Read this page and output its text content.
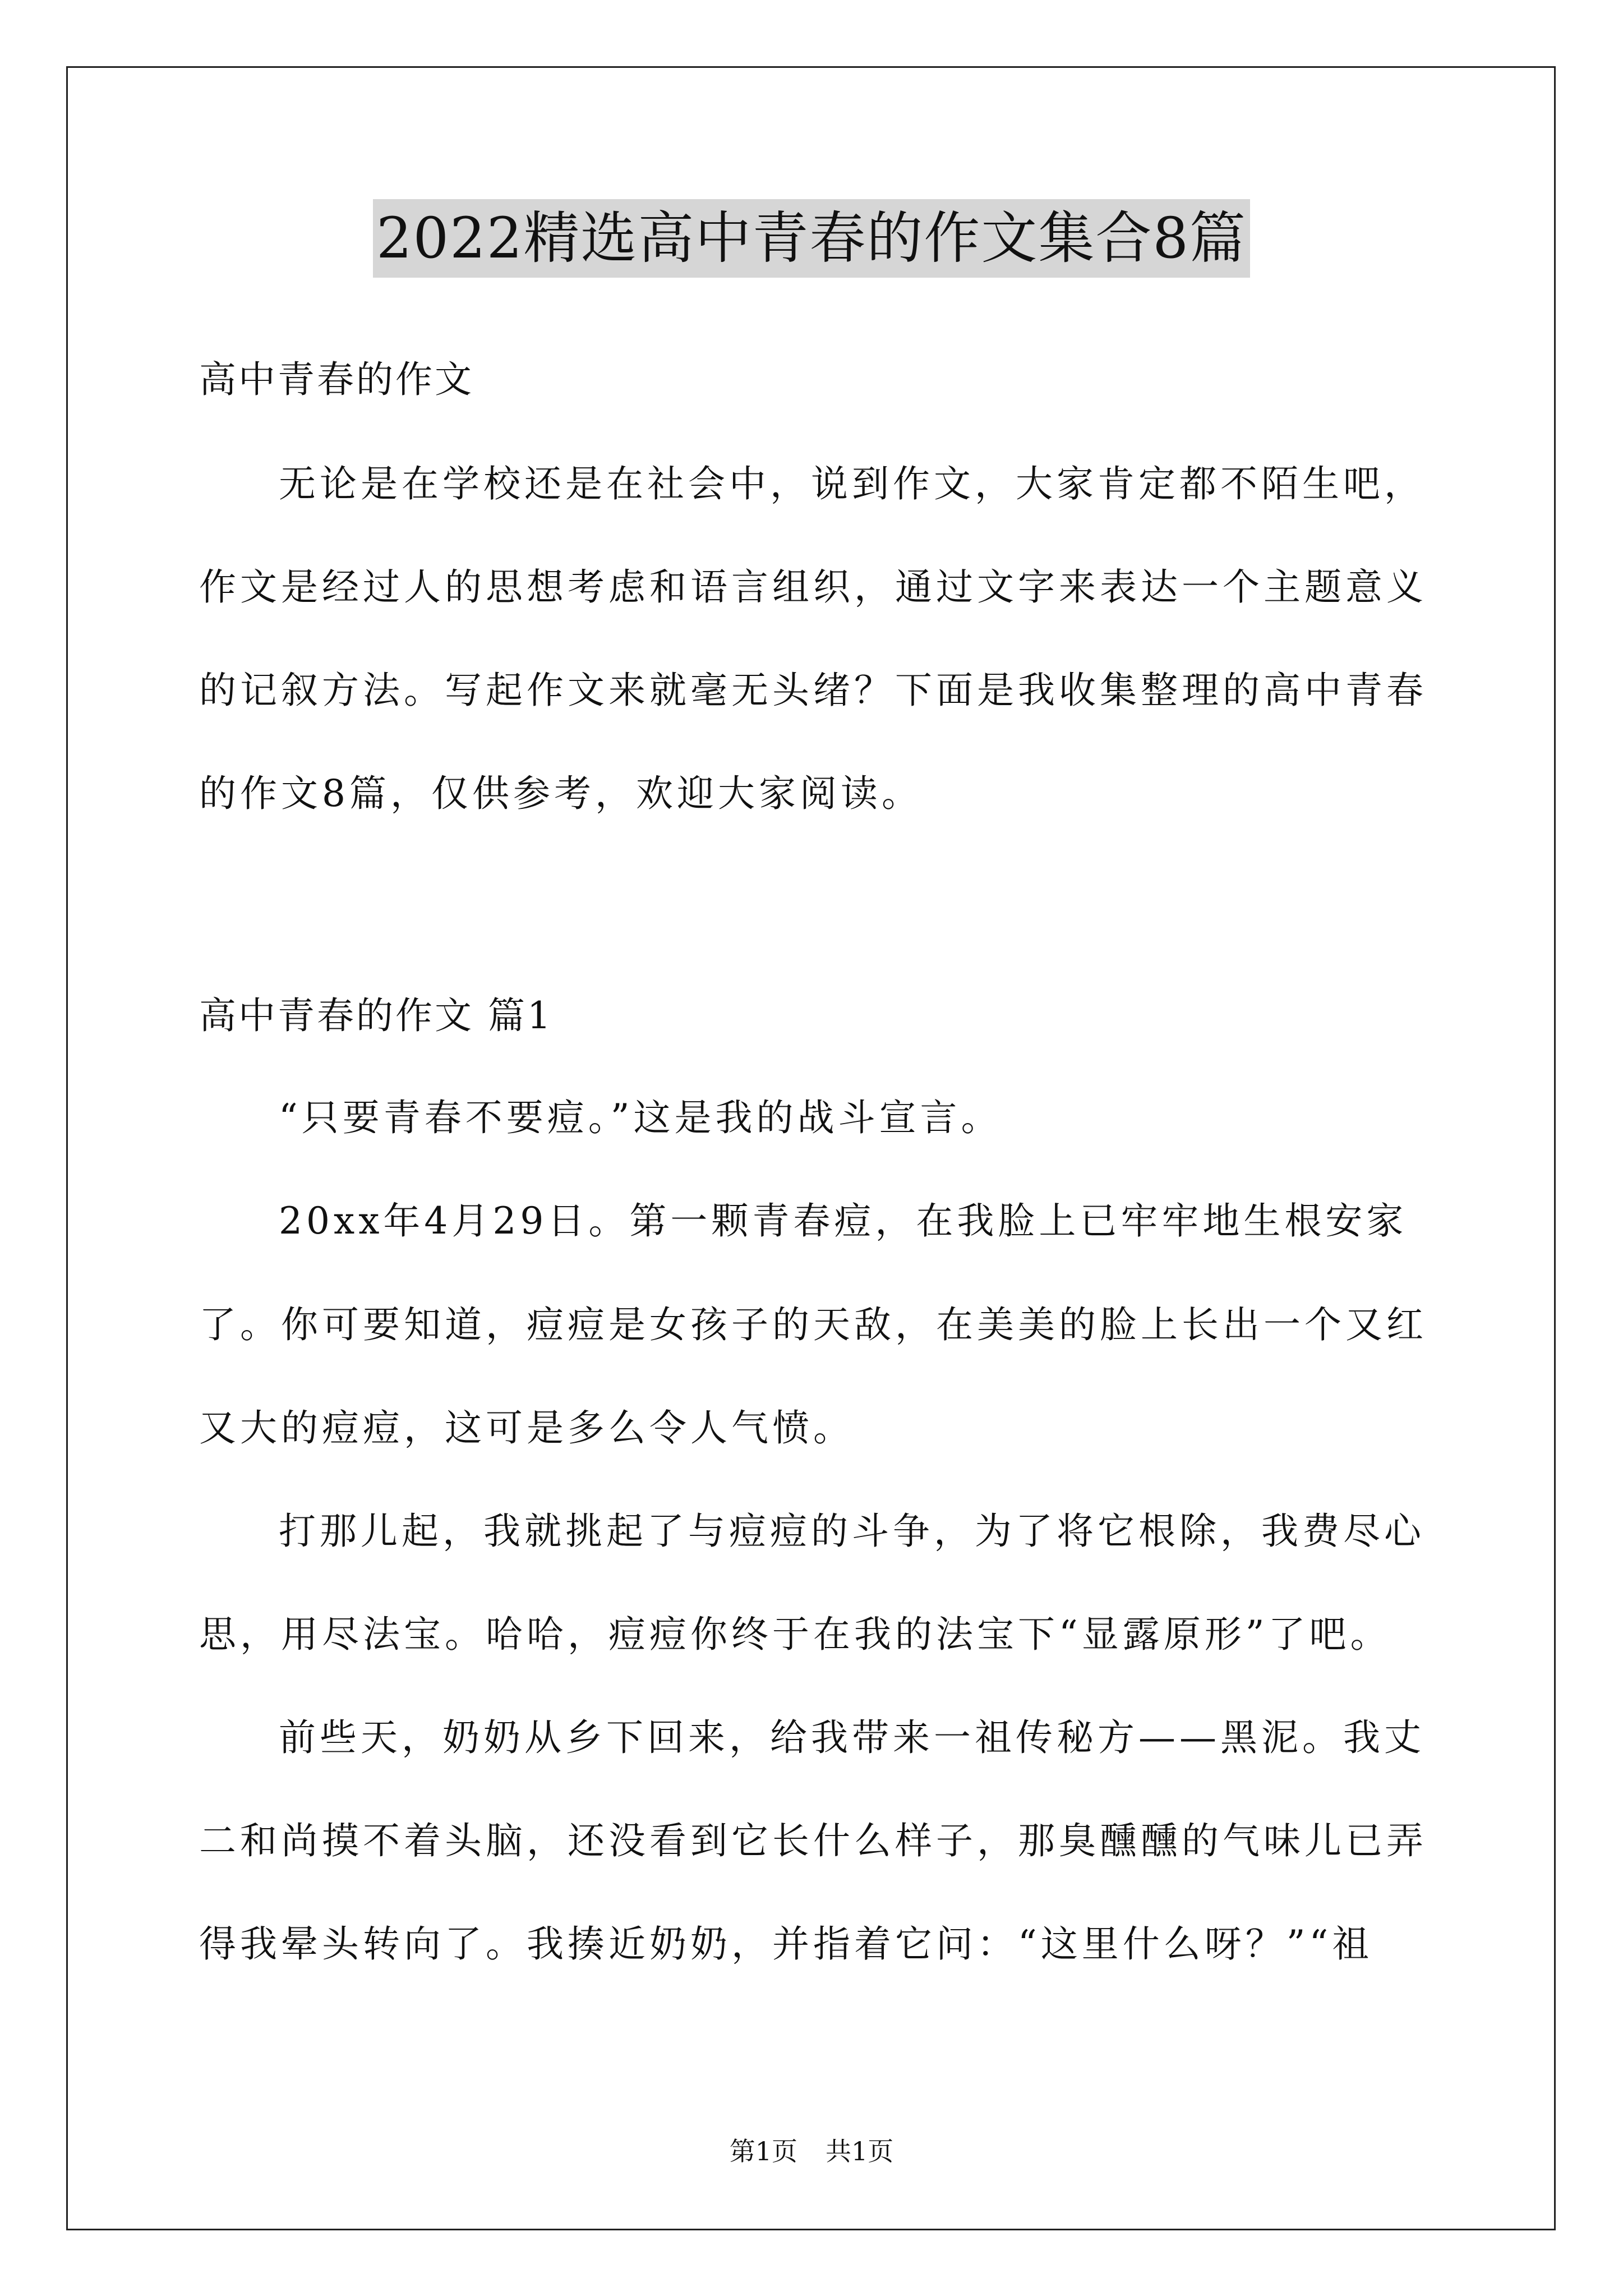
2022精选高中青春的作文集合8篇
高中青春的作文
无论是在学校还是在社会中，说到作文，大家肯定都不陌生吧，
作文是经过人的思想考虑和语言组织，通过文字来表达一个主题意义
的记叙方法。写起作文来就毫无头绪？下面是我收集整理的高中青春
的作文8篇，仅供参考，欢迎大家阅读。
高中青春的作文 篇1
“只要青春不要痘。”这是我的战斗宣言。
20xx年4月29日。第一颗青春痘，在我脸上已牢牢地生根安家
了。你可要知道，痘痘是女孩子的天敌，在美美的脸上长出一个又红
又大的痘痘，这可是多么令人气愤。
打那儿起，我就挑起了与痘痘的斗争，为了将它根除，我费尽心
思，用尽法宝。哈哈，痘痘你终于在我的法宝下“显露原形”了吧。
前些天，奶奶从乡下回来，给我带来一祖传秘方——黑泥。我丈
二和尚摸不着头脑，还没看到它长什么样子，那臭醺醺的气味儿已弄
得我晕头转向了。我揍近奶奶，并指着它问：“这里什么呀？”“祖
第1页 共1页
